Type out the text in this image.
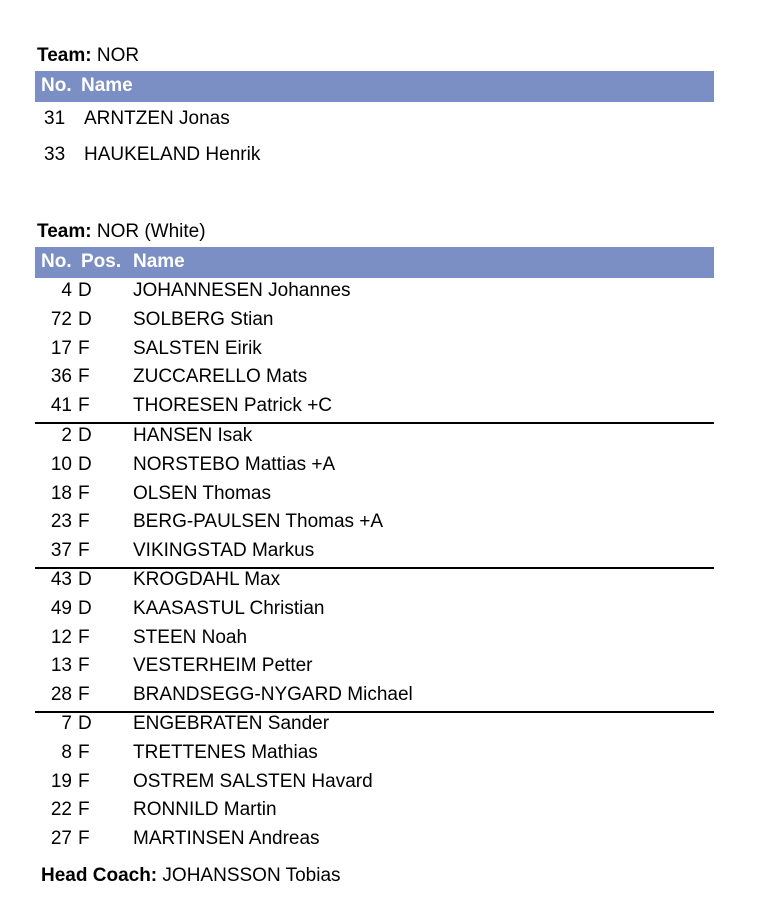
Team: NOR
No. Name
31 ARNTZEN Jonas
33 HAUKELAND Henrik
Team: NOR (White)
No. Pos. Name
4 D JOHANNESEN Johannes
72 D SOLBERG Stian
17 F SALSTEN Eirik
36 F ZUCCARELLO Mats
41 F THORESEN Patrick +C
2 D HANSEN Isak
10 D NORSTEBO Mattias +A
18 F OLSEN Thomas
23 F BERG-PAULSEN Thomas +A
37 F VIKINGSTAD Markus
43 D KROGDAHL Max
49 D KAASASTUL Christian
12 F STEEN Noah
13 F VESTERHEIM Petter
28 F BRANDSEGG-NYGARD Michael
7 D ENGEBRATEN Sander
8 F TRETTENES Mathias
19 F OSTREM SALSTEN Havard
22 F RONNILD Martin
27 F MARTINSEN Andreas
Head Coach: JOHANSSON Tobias
